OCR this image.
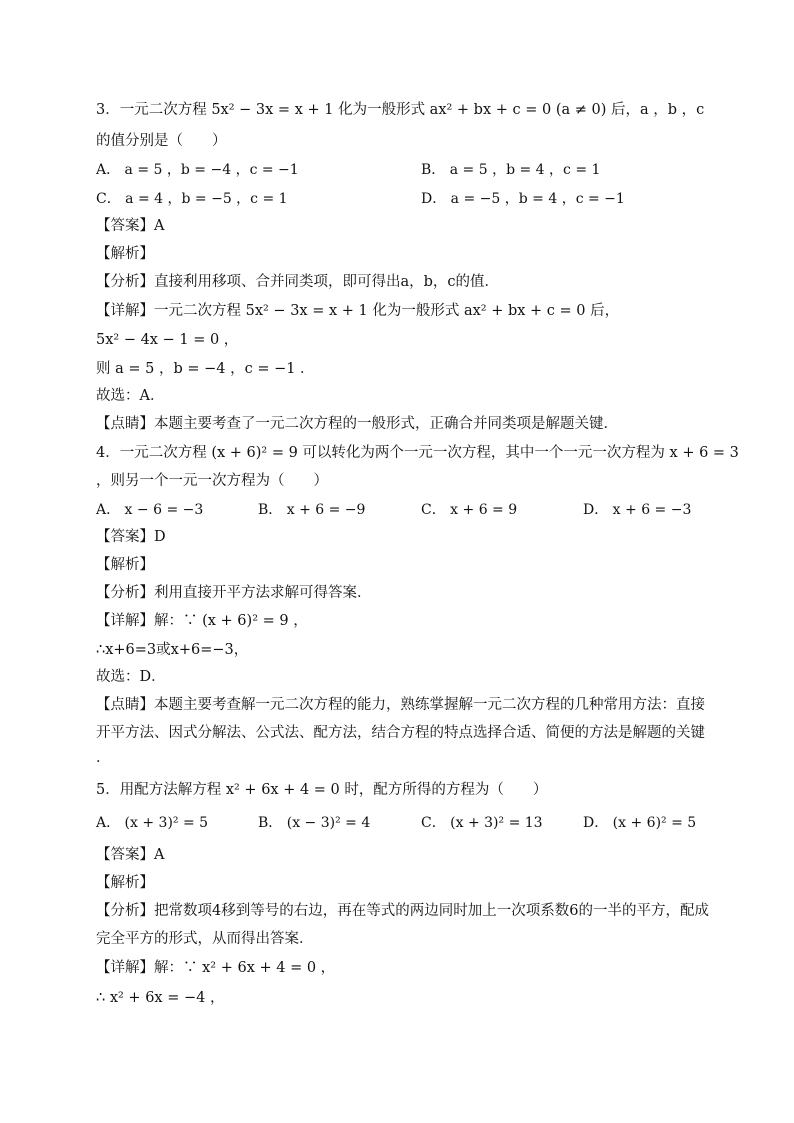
3．一元二次方程 5x² − 3x = x + 1 化为一般形式 ax² + bx + c = 0 (a ≠ 0) 后，a ，b ，c
的值分别是（　　）
A． a = 5 ，b = −4 ，c = −1	B． a = 5 ，b = 4 ，c = 1
C． a = 4 ，b = −5 ，c = 1	D． a = −5 ，b = 4 ，c = −1
【答案】A
【解析】
【分析】直接利用移项、合并同类项，即可得出a，b，c的值．
【详解】一元二次方程 5x² − 3x = x + 1 化为一般形式 ax² + bx + c = 0 后，
5x² − 4x − 1 = 0 ，
则 a = 5 ，b = −4 ，c = −1 ．
故选：A．
【点睛】本题主要考查了一元二次方程的一般形式，正确合并同类项是解题关键．
4．一元二次方程 (x + 6)² = 9 可以转化为两个一元一次方程，其中一个一元一次方程为 x + 6 = 3
，则另一个一元一次方程为（　　）
A． x − 6 = −3	B． x + 6 = −9	C． x + 6 = 9	D． x + 6 = −3
【答案】D
【解析】
【分析】利用直接开平方法求解可得答案．
【详解】解：∵ (x + 6)² = 9 ，
∴x+6=3或x+6=−3，
故选：D．
【点睛】本题主要考查解一元二次方程的能力，熟练掌握解一元二次方程的几种常用方法：直接
开平方法、因式分解法、公式法、配方法，结合方程的特点选择合适、简便的方法是解题的关键
．
5．用配方法解方程 x² + 6x + 4 = 0 时，配方所得的方程为（　　）
A． (x + 3)² = 5	B． (x − 3)² = 4	C． (x + 3)² = 13	D． (x + 6)² = 5
【答案】A
【解析】
【分析】把常数项4移到等号的右边，再在等式的两边同时加上一次项系数6的一半的平方，配成
完全平方的形式，从而得出答案．
【详解】解：∵ x² + 6x + 4 = 0 ，
∴ x² + 6x = −4 ，
